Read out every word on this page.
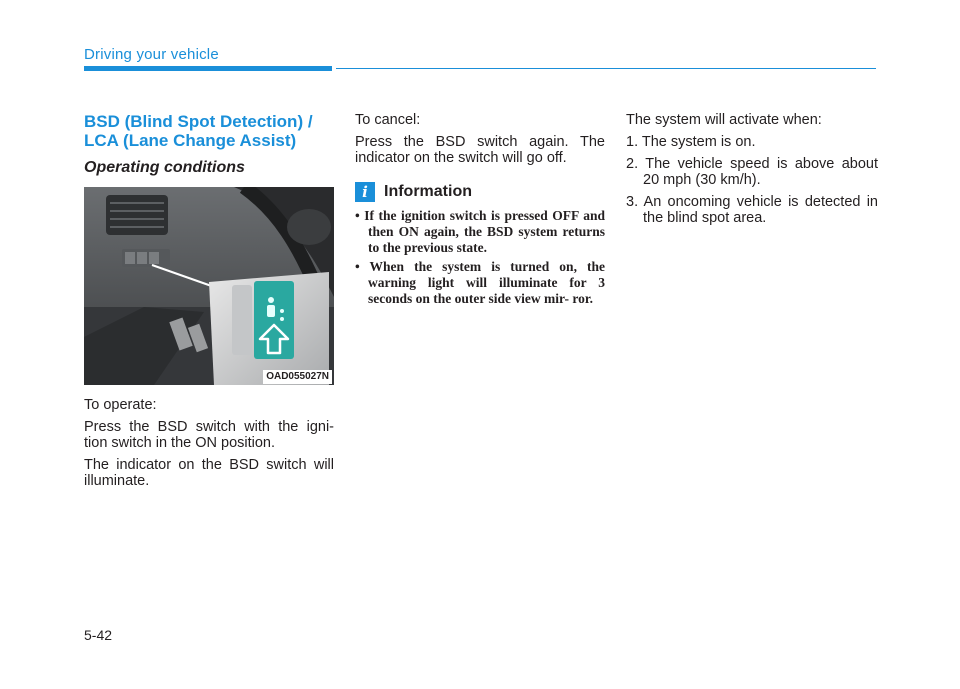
Driving your vehicle
BSD (Blind Spot Detection) /
LCA (Lane Change Assist)
Operating conditions
OAD055027N

To operate:

Press the BSD switch with the igni- tion switch in the ON position.

The indicator on the BSD switch will illuminate.

To cancel:

Press the BSD switch again. The indicator on the switch will go off.

i	Information
• If the ignition switch is pressed OFF and then ON again, the BSD system returns to the previous state.
• When the system is turned on, the warning light will illuminate for 3 seconds on the outer side view mir- ror.

The system will activate when:

1. The system is on.
2. The vehicle speed is above about 20 mph (30 km/h).
3. An oncoming vehicle is detected in the blind spot area.
5-42
